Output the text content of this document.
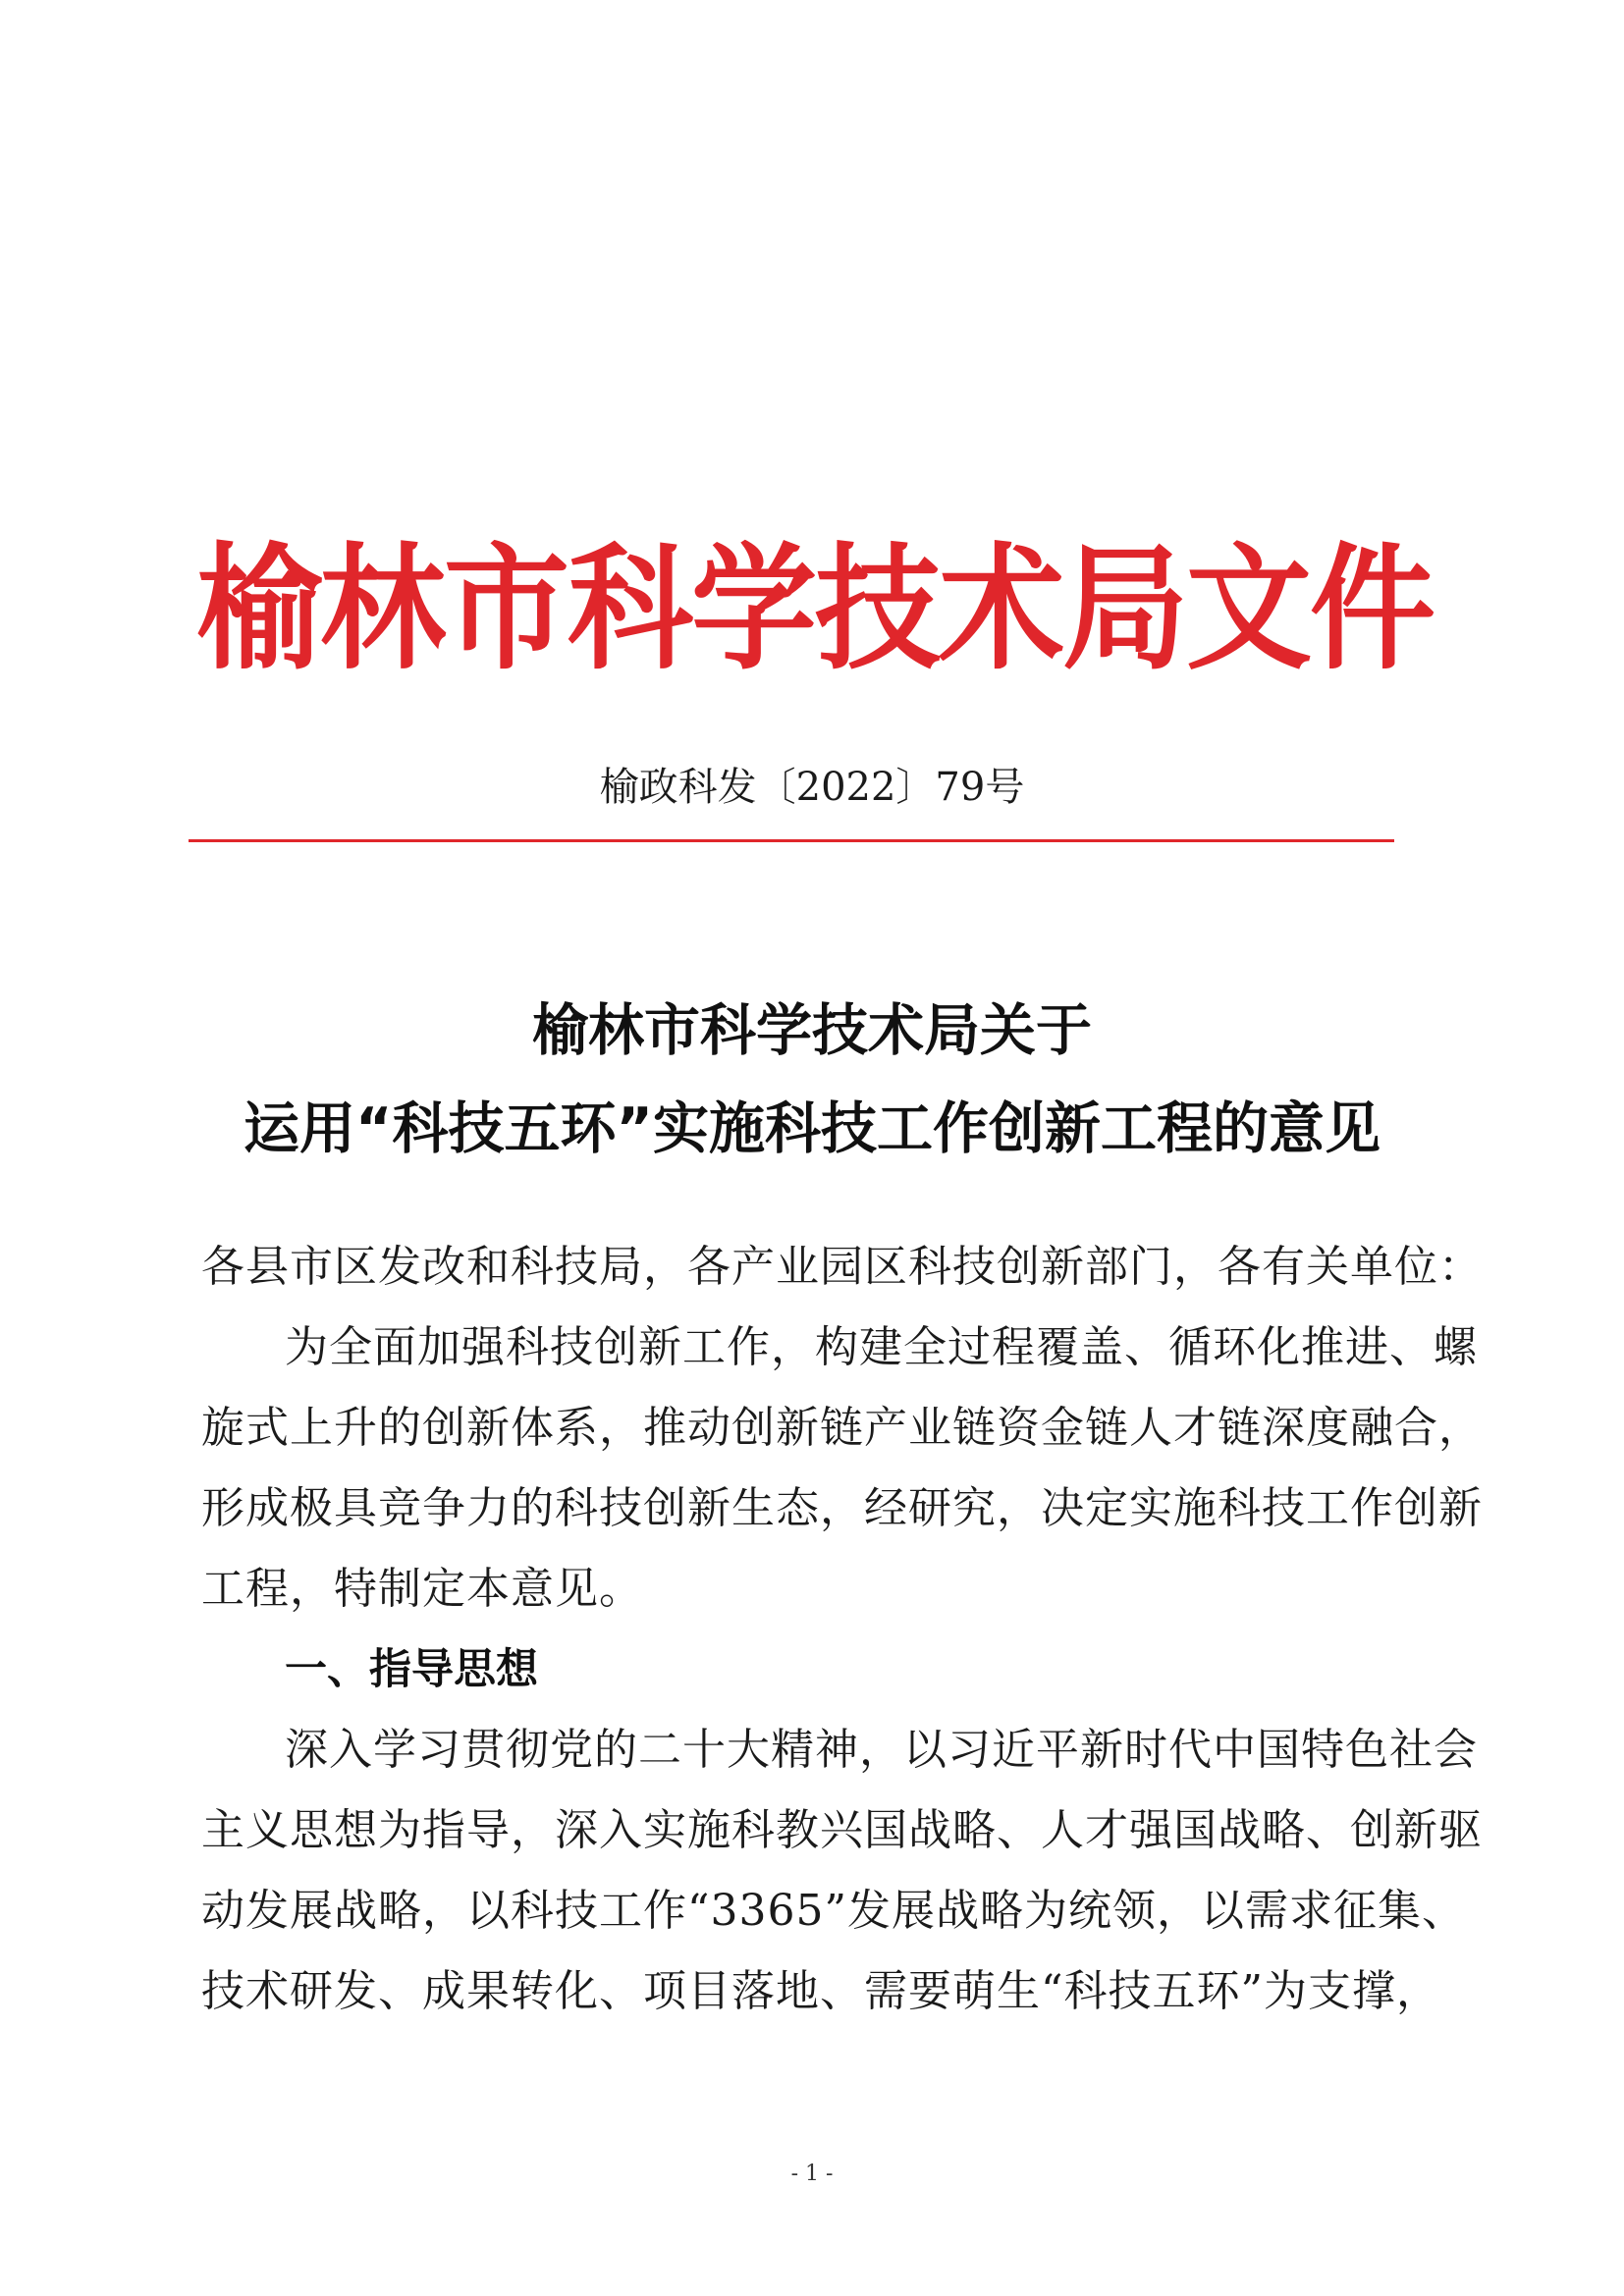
榆林市科学技术局文件
榆政科发〔2022〕79号
榆林市科学技术局关于
运用“科技五环”实施科技工作创新工程的意见
各县市区发改和科技局，各产业园区科技创新部门，各有关单位：
为全面加强科技创新工作，构建全过程覆盖、循环化推进、螺
旋式上升的创新体系，推动创新链产业链资金链人才链深度融合，
形成极具竞争力的科技创新生态，经研究，决定实施科技工作创新
工程，特制定本意见。
一、指导思想
深入学习贯彻党的二十大精神，以习近平新时代中国特色社会
主义思想为指导，深入实施科教兴国战略、人才强国战略、创新驱
动发展战略，以科技工作“3365”发展战略为统领，以需求征集、
技术研发、成果转化、项目落地、需要萌生“科技五环”为支撑，
- 1 -
